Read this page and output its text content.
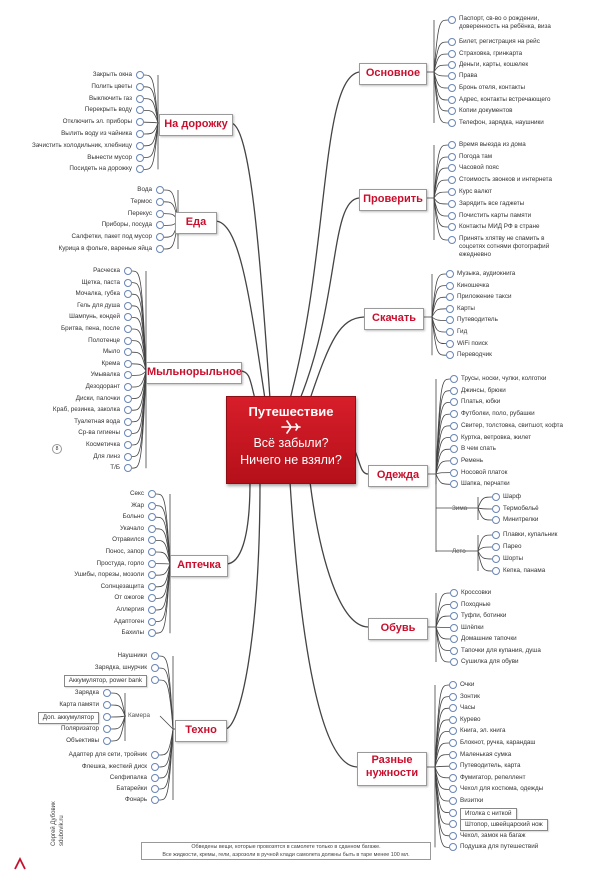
Основное
Паспорт, св-во о рождении, доверенность на ребёнка, виза
Билет, регистрация на рейс
Страховка, гринкарта
Деньги, карты, кошелек
Права
Бронь отеля, контакты
Адрес, контакты встречающего
Копии документов
Телефон, зарядка, наушники
Проверить
Время выезда из дома
Погода там
Часовой пояс
Стоимость звонков и интернета
Курс валют
Зарядить все гаджеты
Почистить карты памяти
Контакты МИД РФ в стране
Принять хлятву не спамить в соцсетях сотнями фотографий ежедневно
Скачать
Музыка, аудиокнига
Киношечка
Приложение такси
Карты
Путеводитель
Гид
WiFi поиск
Переводчик
Одежда
Трусы, носки, чулки, колготки
Джинсы, брюки
Платья, юбки
Футболки, поло, рубашки
Свитер, толстовка, свитшот, кофта
Куртка, ветровка, жилет
В чем спать
Ремень
Носовой платок
Шапка, перчатки
Зима
Шарф
Термобельё
Минитрелки
Лето
Плавки, купальник
Парео
Шорты
Кепка, панама
Обувь
Кроссовки
Походные
Туфли, ботинки
Шлёпки
Домашние тапочки
Тапочки для купания, душа
Сушилка для обуви
Разные
нужности
Очки
Зонтик
Часы
Курево
Книга, эл. книга
Блокнот, ручка, карандаш
Маленькая сумка
Путеводитель, карта
Фумигатор, репеллент
Чехол для костюма, одежды
Визитки
Иголка с ниткой
Штопор, швейцарский нож
Чехол, замок на багаж
Подушка для путешествий
На дорожку
Закрыть окна
Полить цветы
Выключить газ
Перекрыть воду
Отключить эл. приборы
Вылить воду из чайника
Зачистить холодильник, хлебницу
Вынести мусор
Посидеть на дорожку
Еда
Вода
Термос
Перекус
Приборы, посуда
Салфетки, пакет под мусор
Курица в фольге, вареные яйца
Мыльнорыльное
Расческа
Щетка, паста
Мочалка, губка
Гель для душа
Шампунь, кондей
Бритва, пена, после
Полотенце
Мыло
Крема
Умывалка
Дезодорант
Диски, палочки
Краб, резинка, заколка
Туалетная вода
Ср-ва гигиены
Косметичка
Для линз
Т/Б
8
Аптечка
Секс
Жар
Больно
Укачало
Отравился
Понос, запор
Простуда, горло
Ушибы, порезы, мозоли
Солнцезащита
От ожогов
Аллергия
Адаптоген
Бахилы
Техно
Наушники
Зарядка, шнурчик
Аккумулятор, power bank
Адаптер для сети, тройник
Флешка, жесткий диск
Селфипалка
Батарейки
Фонарь
Камера
Зарядка
Карта памяти
Доп. аккумулятор
Поляризатор
Объективы
Путешествие
Всё забыли?
Ничего не взяли?
Обведены вещи, которые провозятся в самолете только в сданном багаже.
Все жидкости, кремы, гели, аэрозоли в ручной клади самолета должны быть в таре менее 100 мл.
Сергей Дубовик sdubovik.ru
